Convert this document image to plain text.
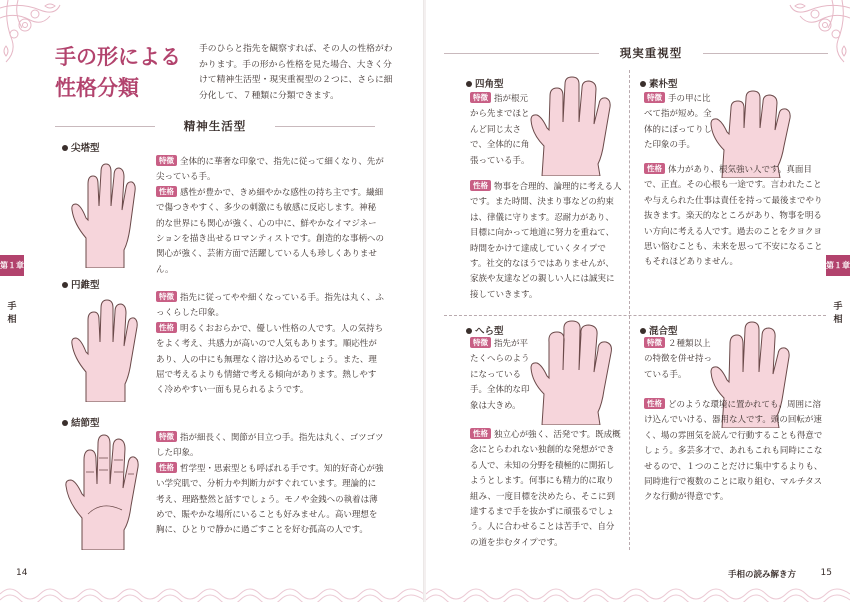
手の形による
性格分類
手のひらと指先を観察すれば、その人の性格がわかります。手の形から性格を見た場合、大きく分けて精神生活型・現実重視型の２つに、さらに細分化して、７種類に分類できます。
精神生活型
尖塔型
特徴 全体的に華奢な印象で、指先に従って細くなり、先が尖っている手。
性格 感性が豊かで、きめ細やかな感性の持ち主です。繊細で傷つきやすく、多少の刺激にも敏感に反応します。神秘的な世界にも関心が強く、心の中に、鮮やかなイマジネーションを描き出せるロマンティストです。創造的な事柄への関心が強く、芸術方面で活躍している人も珍しくありません。
円錐型
特徴 指先に従ってやや細くなっている手。指先は丸く、ふっくらした印象。
性格 明るくおおらかで、優しい性格の人です。人の気持ちをよく考え、共感力が高いので人気もあります。順応性があり、人の中にも無理なく溶け込めるでしょう。また、理屈で考えるよりも情緒で考える傾向があります。熱しやすく冷めやすい一面も見られるようです。
結節型
特徴 指が細長く、関節が目立つ手。指先は丸く、ゴツゴツした印象。
性格 哲学型・思索型とも呼ばれる手です。知的好奇心が強い学究肌で、分析力や判断力がすぐれています。理論的に考え、理路整然と話すでしょう。モノや金銭への執着は薄めで、賑やかな場所にいることも好みません。高い理想を胸に、ひとりで静かに過ごすことを好む孤高の人です。
第１章
手相
14
現実重視型
四角型
特徴 指が根元から先までほとんど同じ太さで、全体的に角張っている手。
性格 物事を合理的、論理的に考える人です。また時間、決まり事などの約束は、律儀に守ります。忍耐力があり、目標に向かって地道に努力を重ねて、時間をかけて達成していくタイプです。社交的なほうではありませんが、家族や友達などの親しい人には誠実に接していきます。
素朴型
特徴 手の甲に比べて指が短め。全体的にぽってりした印象の手。
性格 体力があり、根気強い人です。真面目で、正直。その心根も一途です。言われたことや与えられた仕事は責任を持って最後までやり抜きます。楽天的なところがあり、物事を明るい方向に考える人です。過去のことをクヨクヨ思い悩むことも、未来を思って不安になることもそれほどありません。
へら型
特徴 指先が平たくへらのようになっている手。全体的な印象は大きめ。
性格 独立心が強く、活発です。既成概念にとらわれない独創的な発想ができる人で、未知の分野を積極的に開拓しようとします。何事にも精力的に取り組み、一度目標を決めたら、そこに到達するまで手を抜かずに頑張るでしょう。人に合わせることは苦手で、自分の道を歩むタイプです。
混合型
特徴 ２種類以上の特徴を併せ持っている手。
性格 どのような環境に置かれても、周囲に溶け込んでいける、器用な人です。頭の回転が速く、場の雰囲気を読んで行動することも得意でしょう。多芸多才で、あれもこれも同時にこなせるので、１つのことだけに集中するよりも、同時進行で複数のことに取り組む、マルチタスクな行動が得意です。
第１章
手相
手相の読み解き方	15
